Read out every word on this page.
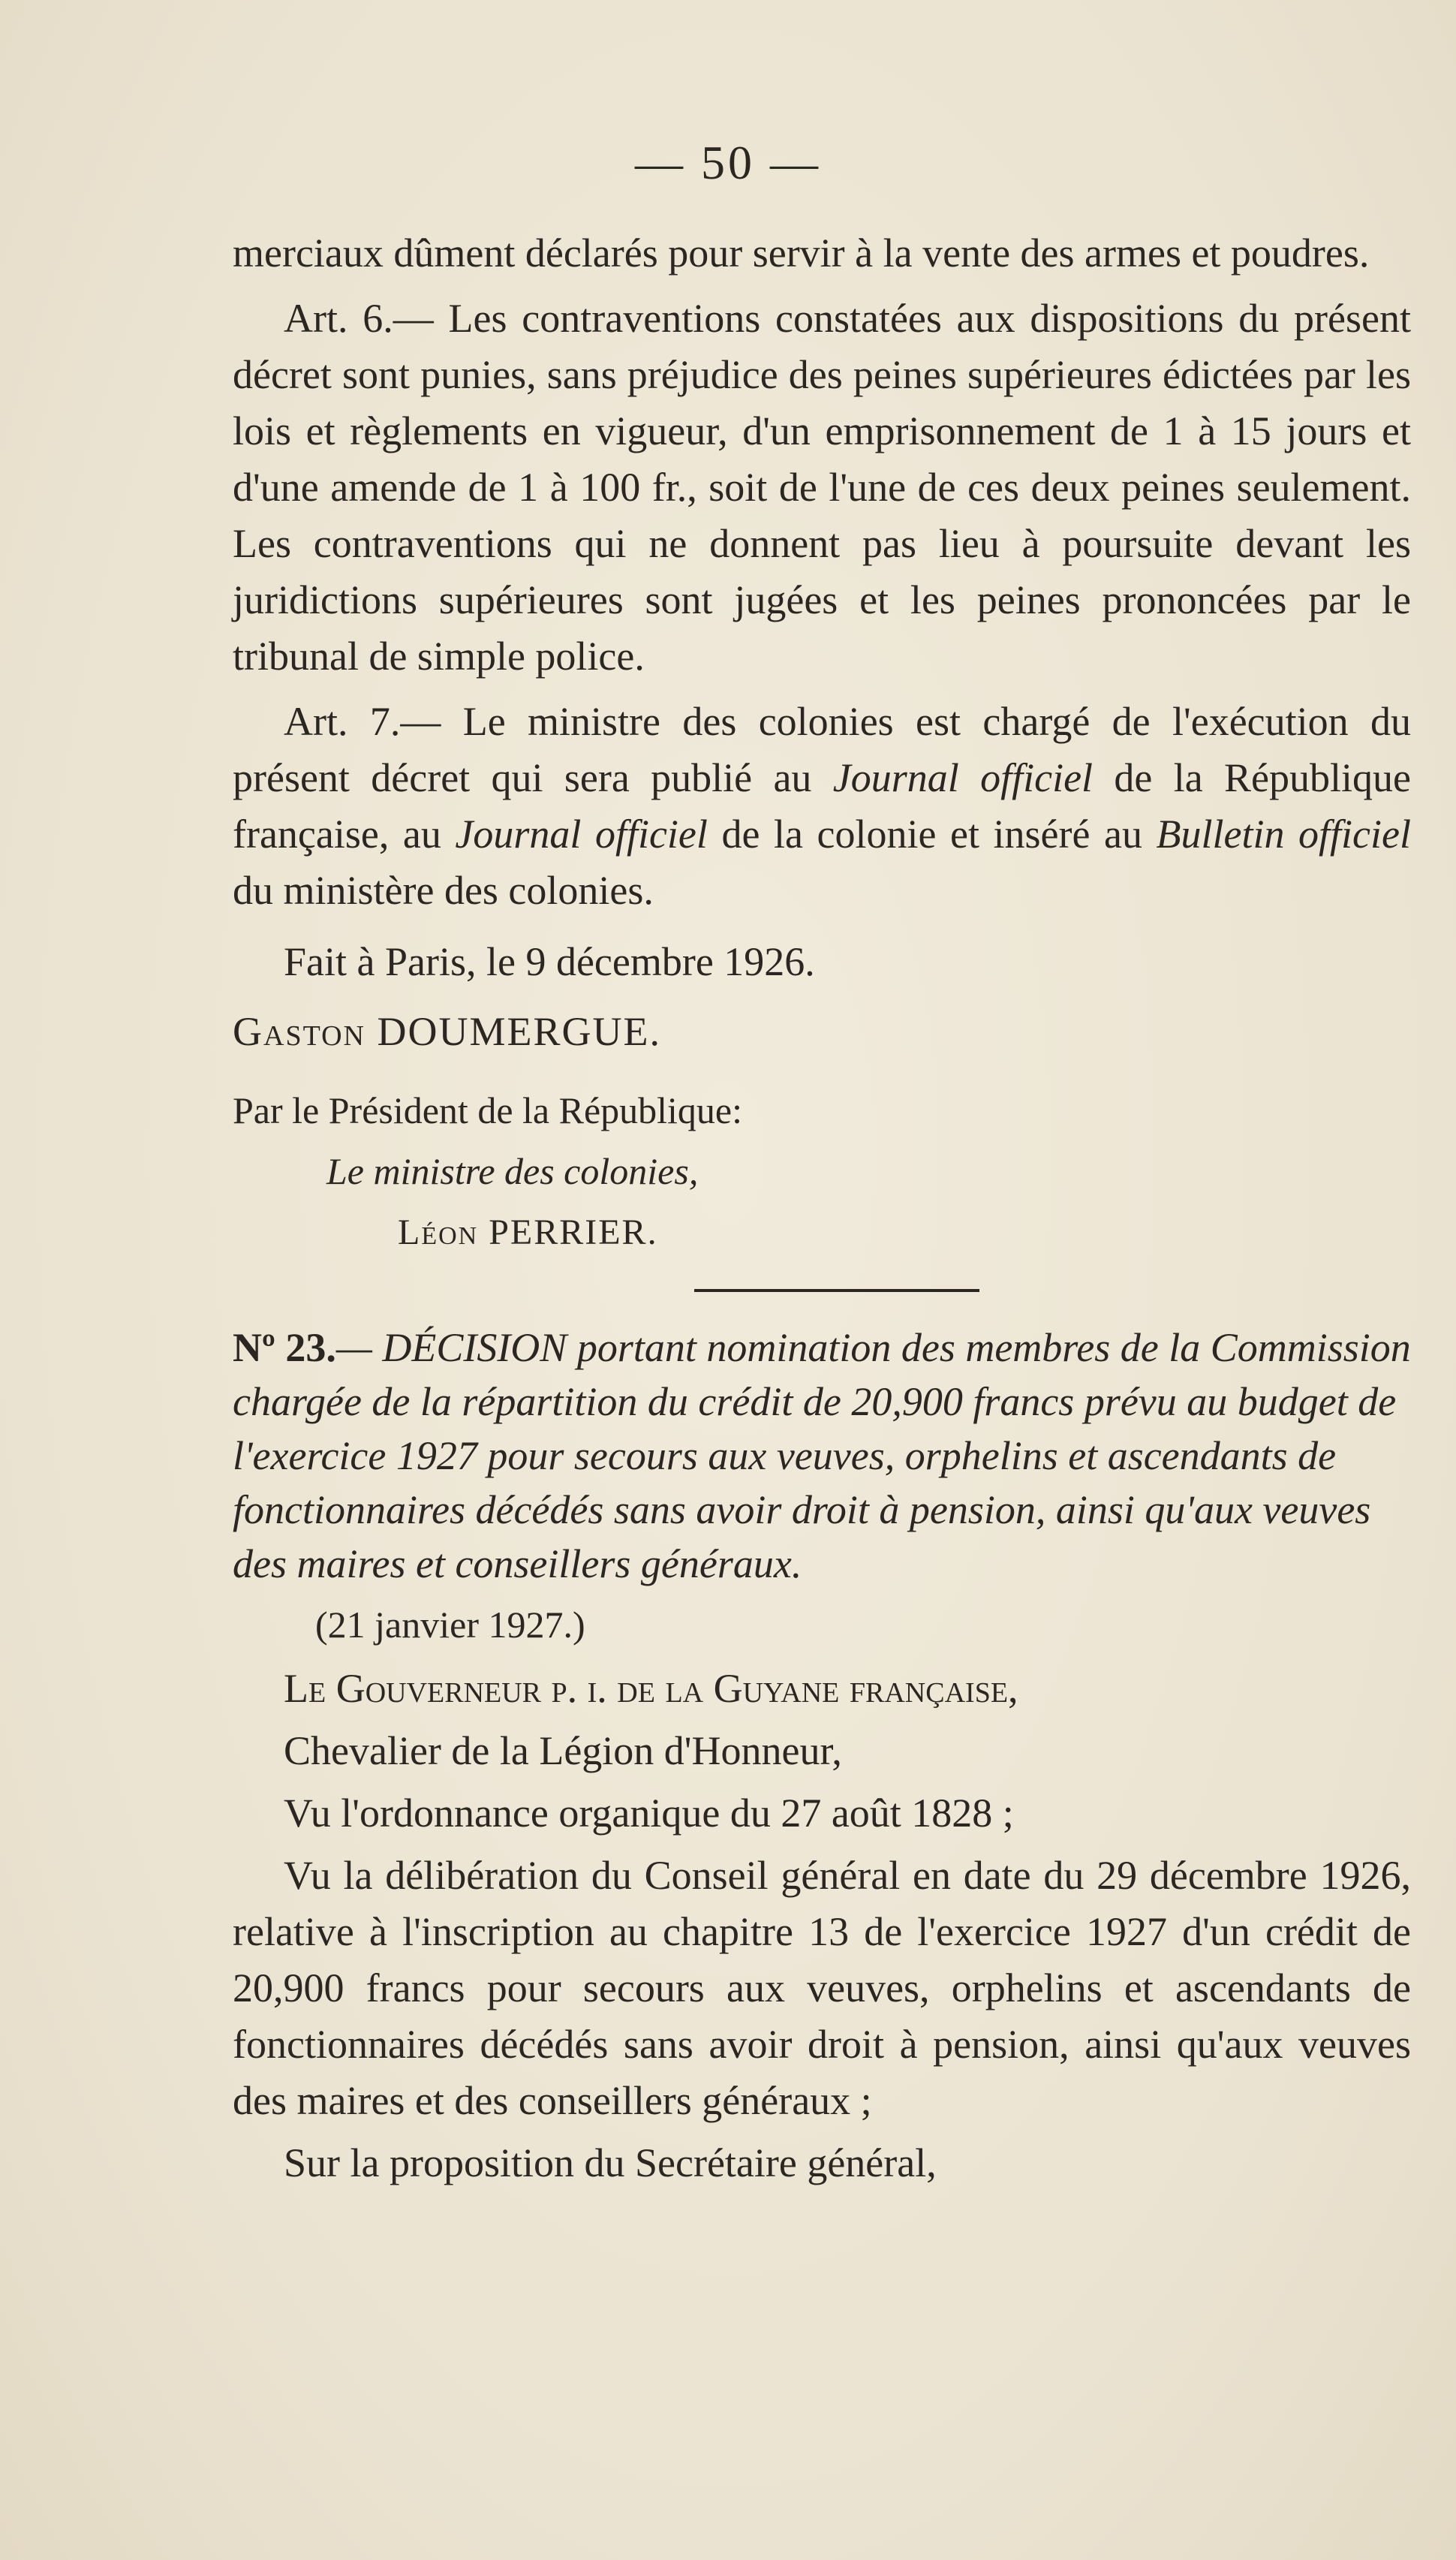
— 50 —

merciaux dûment déclarés pour servir à la vente des armes et poudres.

Art. 6.— Les contraventions constatées aux dispositions du présent décret sont punies, sans préjudice des peines supérieures édictées par les lois et règlements en vigueur, d'un emprisonnement de 1 à 15 jours et d'une amende de 1 à 100 fr., soit de l'une de ces deux peines seulement. Les contraventions qui ne donnent pas lieu à poursuite devant les juridictions supérieures sont jugées et les peines prononcées par le tribunal de simple police.

Art. 7.— Le ministre des colonies est chargé de l'exécution du présent décret qui sera publié au Journal officiel de la République française, au Journal officiel de la colonie et inséré au Bulletin officiel du ministère des colonies.

Fait à Paris, le 9 décembre 1926.

Gaston DOUMERGUE.

Par le Président de la République:

Le ministre des colonies,

Léon PERRIER.

Nº 23.— DÉCISION portant nomination des membres de la Commission chargée de la répartition du crédit de 20,900 francs prévu au budget de l'exercice 1927 pour secours aux veuves, orphelins et ascendants de fonctionnaires décédés sans avoir droit à pension, ainsi qu'aux veuves des maires et conseillers généraux.

(21 janvier 1927.)

Le Gouverneur p. i. de la Guyane française,

Chevalier de la Légion d'Honneur,

Vu l'ordonnance organique du 27 août 1828 ;

Vu la délibération du Conseil général en date du 29 décembre 1926, relative à l'inscription au chapitre 13 de l'exercice 1927 d'un crédit de 20,900 francs pour secours aux veuves, orphelins et ascendants de fonctionnaires décédés sans avoir droit à pension, ainsi qu'aux veuves des maires et des conseillers généraux ;

Sur la proposition du Secrétaire général,
